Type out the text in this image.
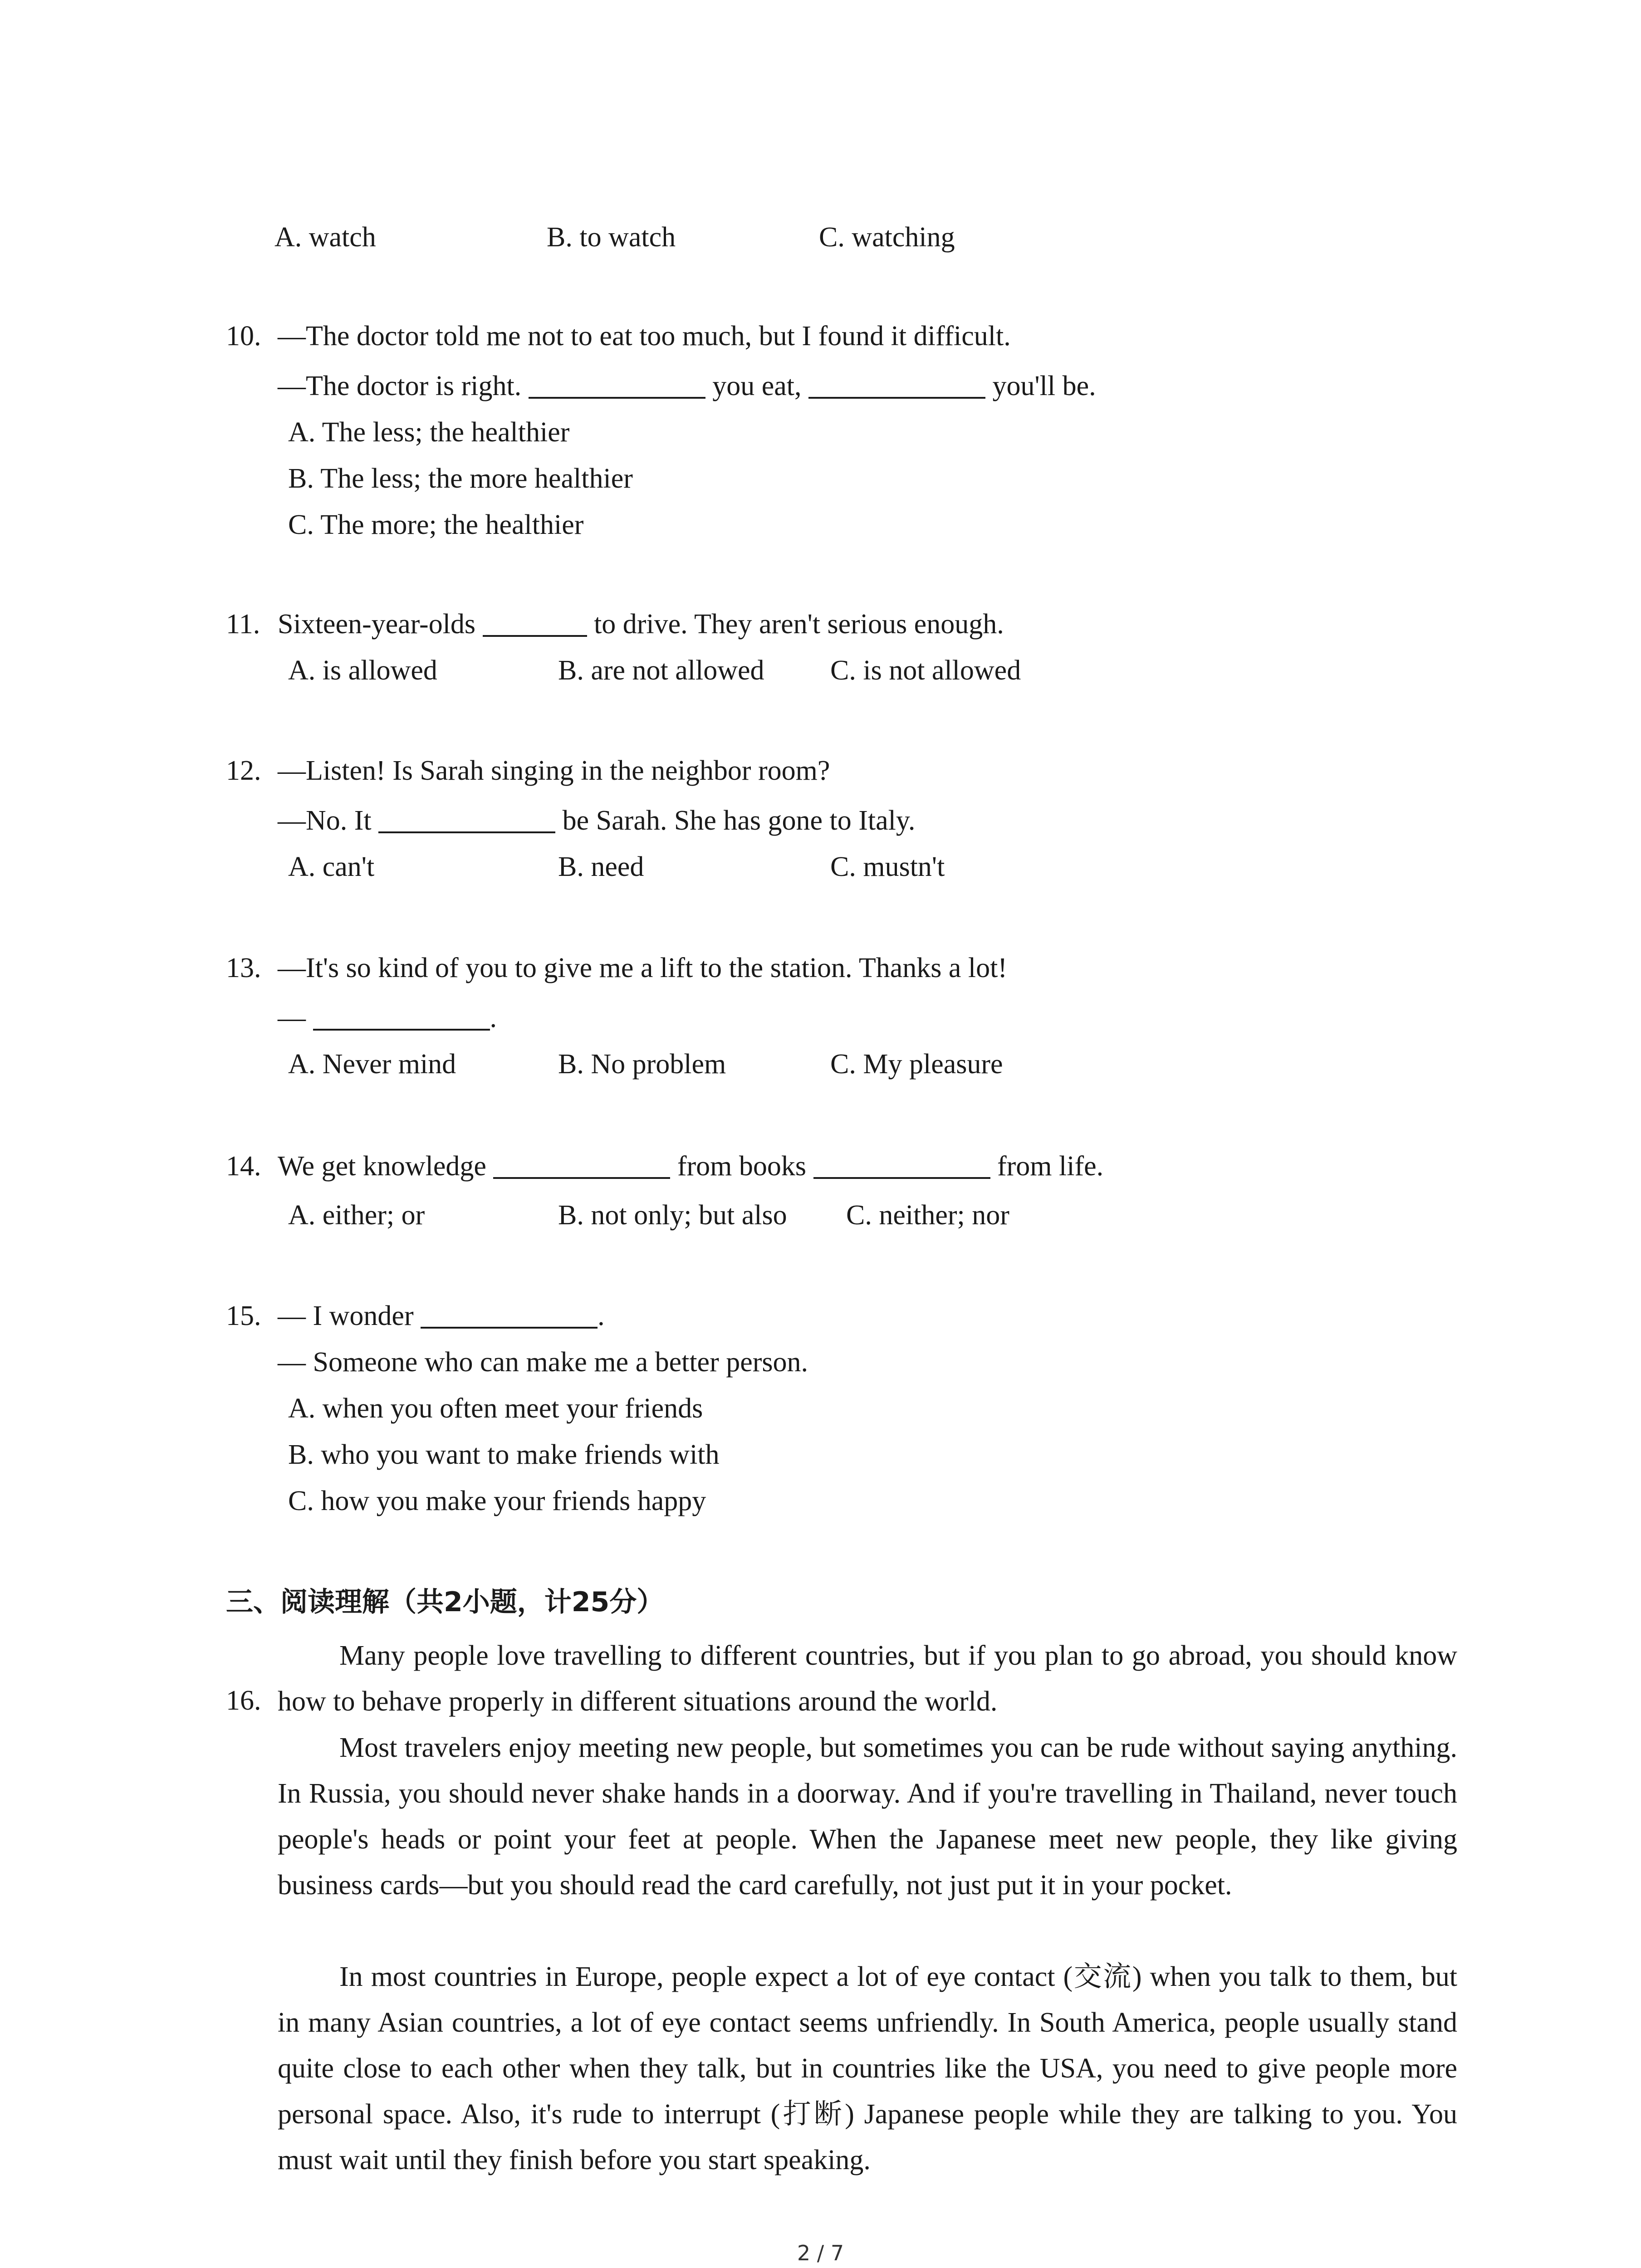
A. watch	B. to watch	C. watching
10. —The doctor told me not to eat too much, but I found it difficult.
—The doctor is right.	you eat,	you'll be.
A. The less; the healthier
B. The less; the more healthier
C. The more; the healthier
11. Sixteen-year-olds	to drive. They aren't serious enough.
A. is allowed	B. are not allowed C. is not allowed
12. —Listen! Is Sarah singing in the neighbor room?
—No. It	be Sarah. She has gone to Italy.
A. can't	B. need	C. mustn't
13. —It's so kind of you to give me a lift to the station. Thanks a lot!
—	.
A. Never mind	B. No problem	C. My pleasure
14. We get knowledge	from books	from life.
A. either; or	B. not only; but also C. neither; nor
15. — I wonder	.
— Someone who can make me a better person.
A. when you often meet your friends
B. who you want to make friends with
C. how you make your friends happy
三、阅读理解（共2小题，计25分）
16.
Many people love travelling to different countries, but if you plan to go abroad, you should know how to behave properly in different situations around the world.
Most travelers enjoy meeting new people, but sometimes you can be rude without saying anything. In Russia, you should never shake hands in a doorway. And if you're travelling in Thailand, never touch people's heads or point your feet at people. When the Japanese meet new people, they like giving business cards—but you should read the card carefully, not just put it in your pocket.
In most countries in Europe, people expect a lot of eye contact (交流) when you talk to them, but in many Asian countries, a lot of eye contact seems unfriendly. In South America, people usually stand quite close to each other when they talk, but in countries like the USA, you need to give people more personal space. Also, it's rude to interrupt (打断) Japanese people while they are talking to you. You must wait until they finish before you start speaking.
2 / 7
